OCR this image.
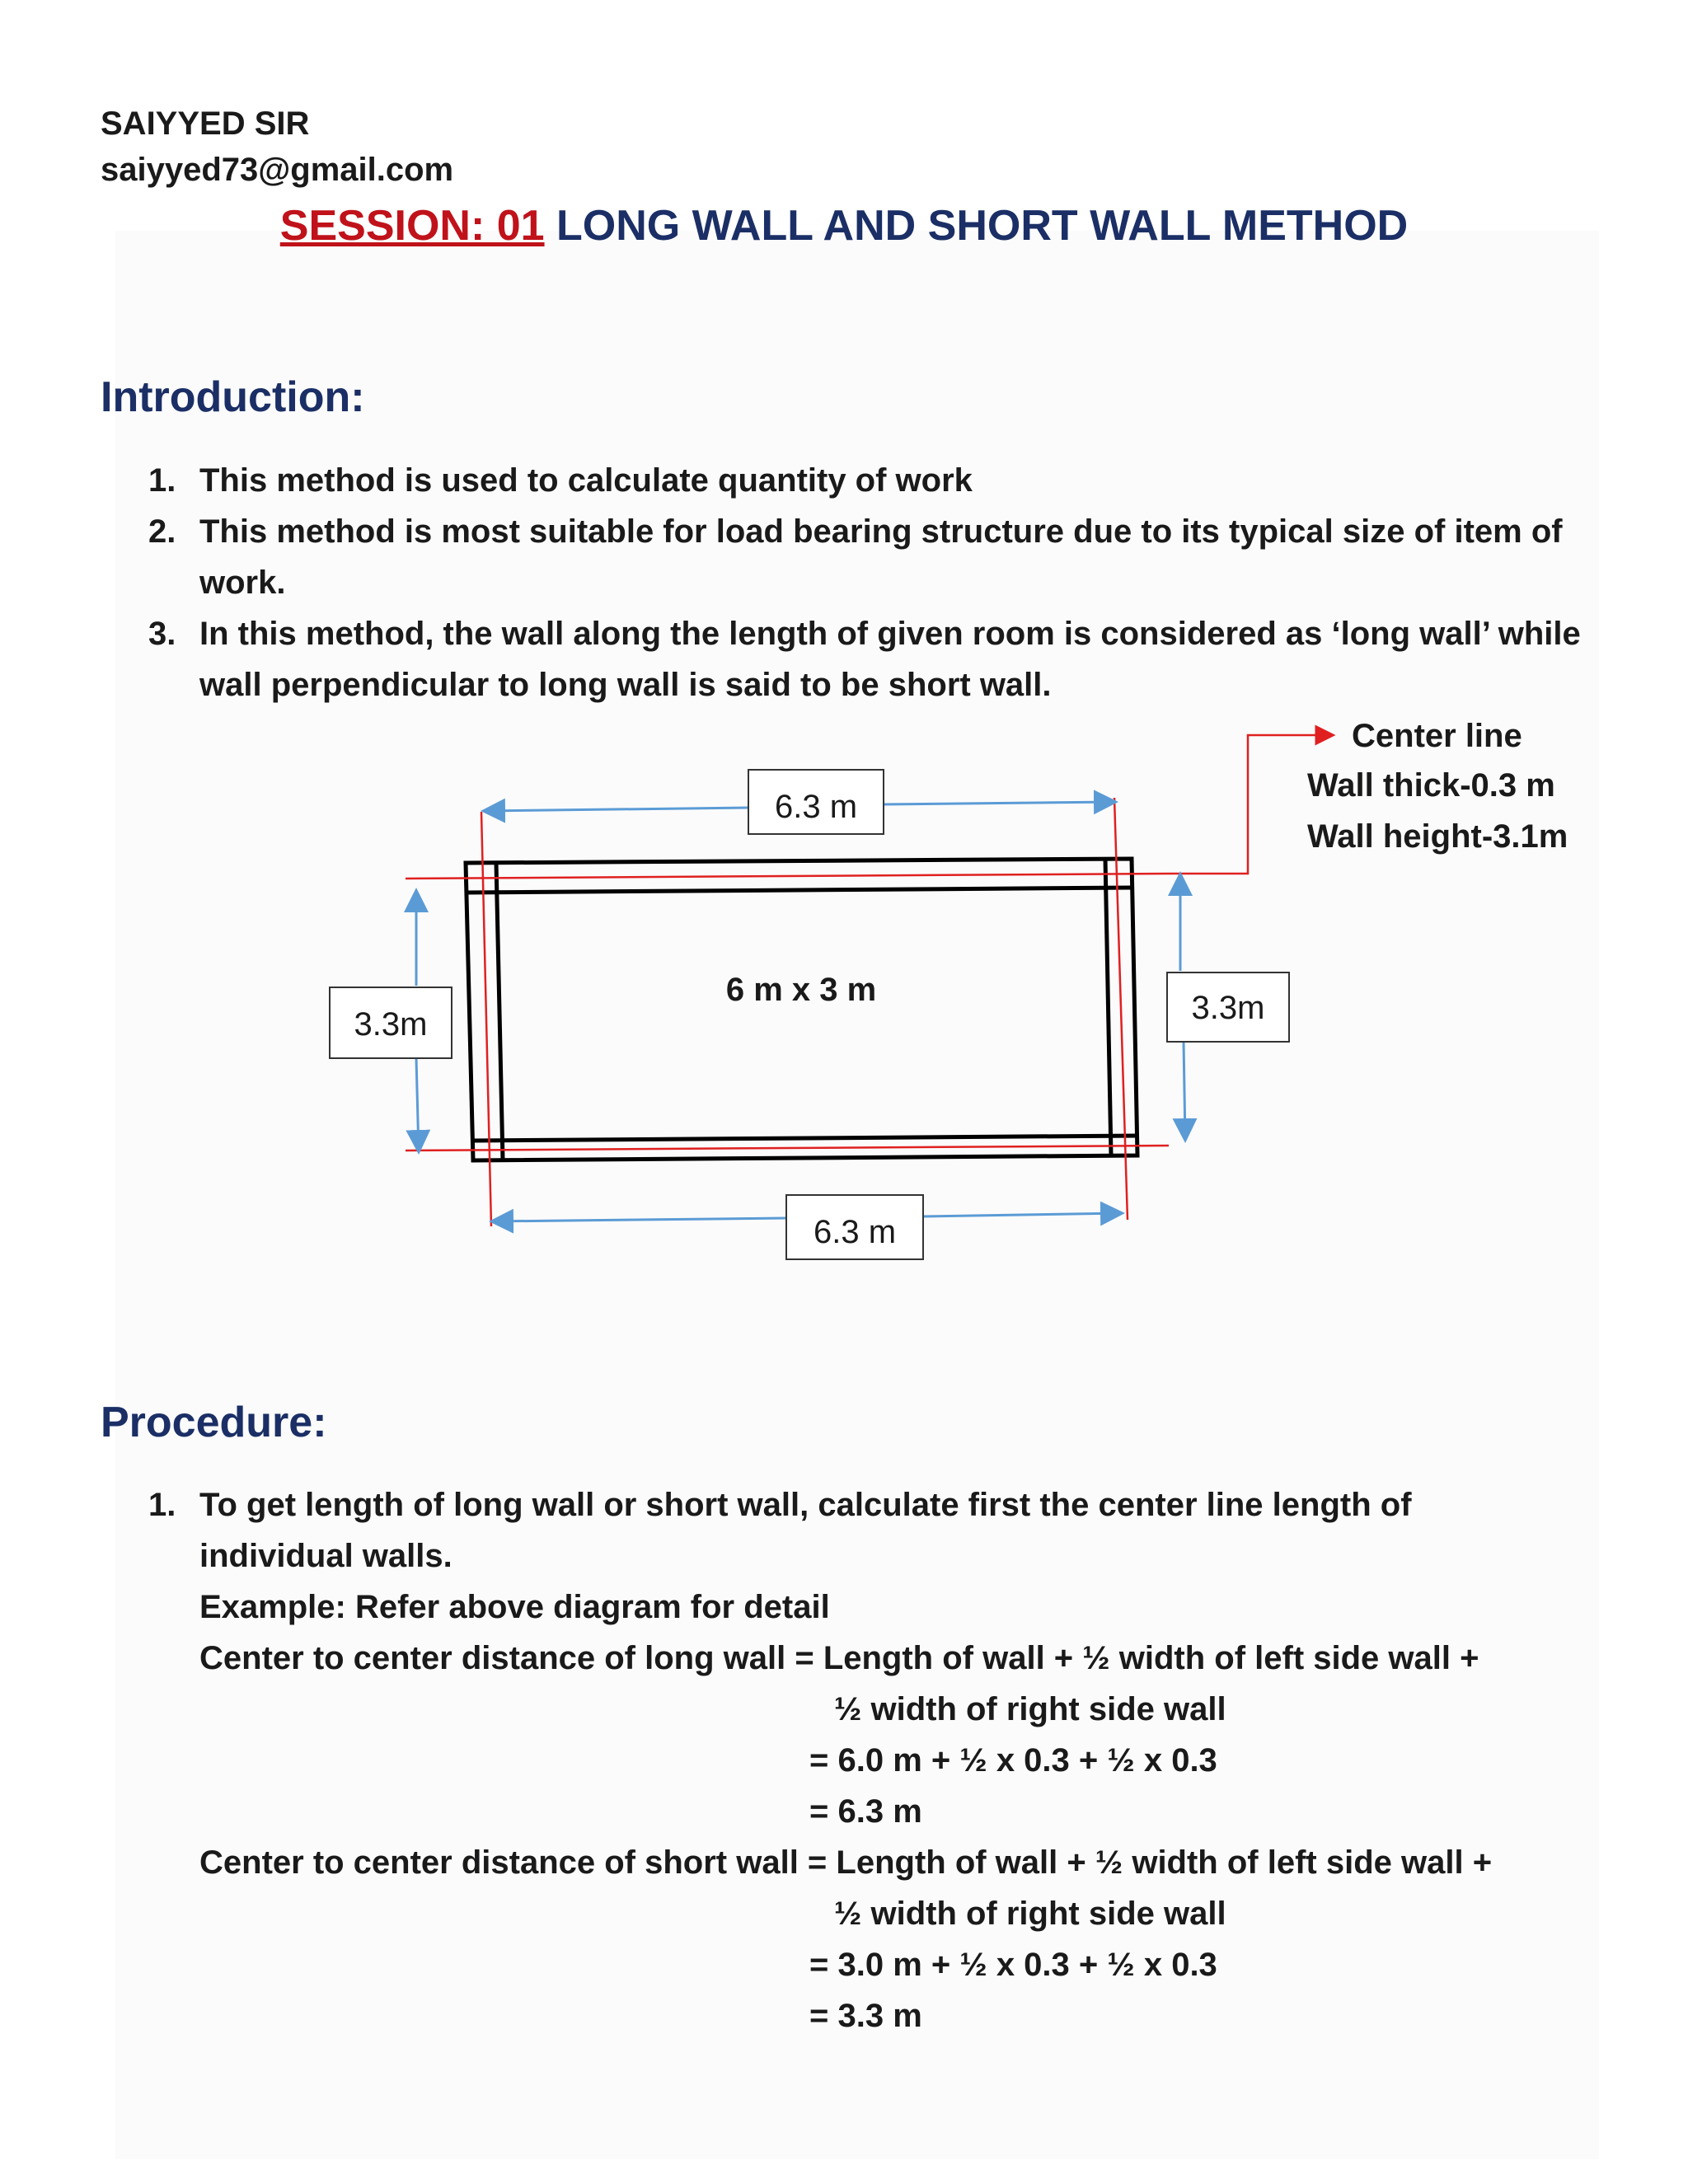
SAIYYED SIR
saiyyed73@gmail.com
SESSION: 01 LONG WALL AND SHORT WALL METHOD
Introduction:
1. This method is used to calculate quantity of work
2. This method is most suitable for load bearing structure due to its typical size of item of work.
3. In this method, the wall along the length of given room is considered as ‘long wall’ while wall perpendicular to long wall is said to be short wall.
6.3 m
6.3 m
3.3m	3.3m
6 m x 3 m
Center line
Wall thick-0.3 m
Wall height-3.1m
Procedure:
1. To get length of long wall or short wall, calculate first the center line length of
individual walls.
Example: Refer above diagram for detail
Center to center distance of long wall = Length of wall + ½ width of left side wall +
½ width of right side wall
= 6.0 m + ½ x 0.3 + ½ x 0.3
= 6.3 m
Center to center distance of short wall = Length of wall + ½ width of left side wall +
½ width of right side wall
= 3.0 m + ½ x 0.3 + ½ x 0.3
= 3.3 m
